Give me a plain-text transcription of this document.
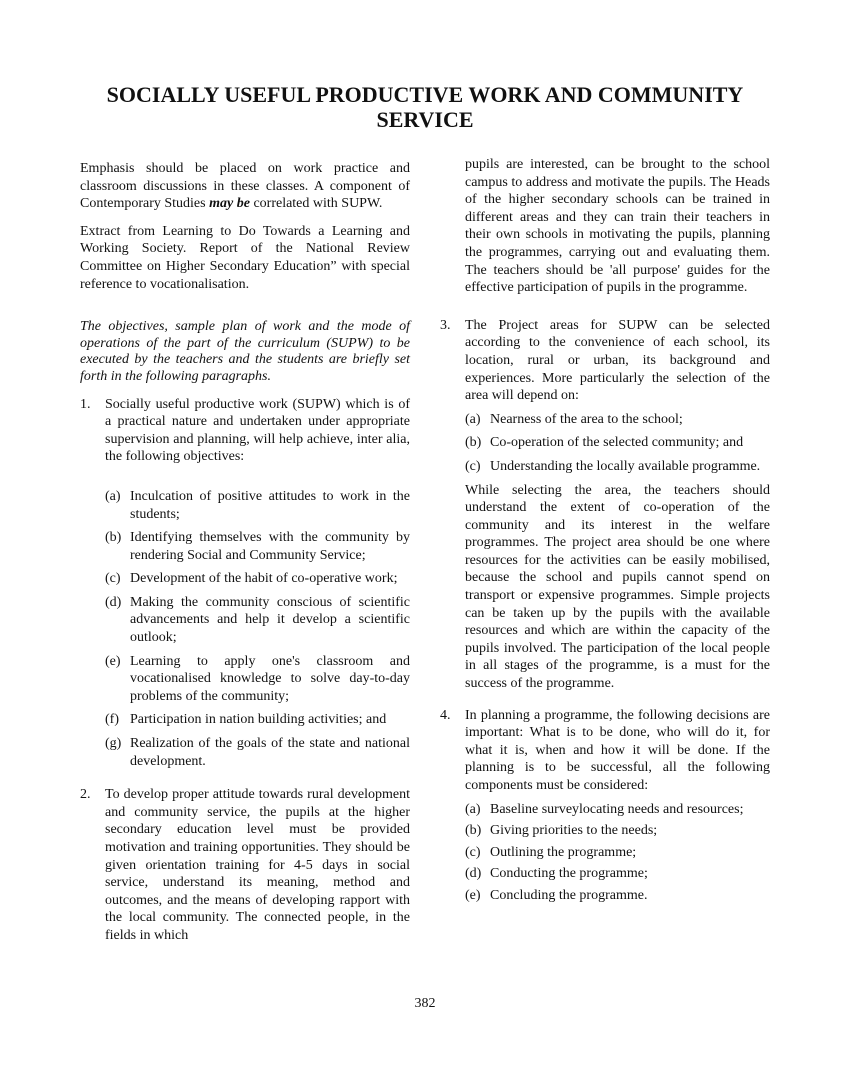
SOCIALLY USEFUL PRODUCTIVE WORK AND COMMUNITY SERVICE

Emphasis should be placed on work practice and classroom discussions in these classes. A component of Contemporary Studies may be correlated with SUPW.

Extract from Learning to Do Towards a Learning and Working Society. Report of the National Review Committee on Higher Secondary Education” with special reference to vocationalisation.

The objectives, sample plan of work and the mode of operations of the part of the curriculum (SUPW) to be executed by the teachers and the students are briefly set forth in the following paragraphs.

1. Socially useful productive work (SUPW) which is of a practical nature and undertaken under appropriate supervision and planning, will help achieve, inter alia, the following objectives:
(a) Inculcation of positive attitudes to work in the students;
(b) Identifying themselves with the community by rendering Social and Community Service;
(c) Development of the habit of co-operative work;
(d) Making the community conscious of scientific advancements and help it develop a scientific outlook;
(e) Learning to apply one's classroom and vocationalised knowledge to solve day-to-day problems of the community;
(f) Participation in nation building activities; and
(g) Realization of the goals of the state and national development.
2. To develop proper attitude towards rural development and community service, the pupils at the higher secondary education level must be provided motivation and training opportunities. They should be given orientation training for 4-5 days in social service, understand its meaning, method and outcomes, and the means of developing rapport with the local community. The connected people, in the fields in which

pupils are interested, can be brought to the school campus to address and motivate the pupils. The Heads of the higher secondary schools can be trained in different areas and they can train their teachers in their own schools in motivating the pupils, planning the programmes, carrying out and evaluating them. The teachers should be 'all purpose' guides for the effective participation of pupils in the programme.

3. The Project areas for SUPW can be selected according to the convenience of each school, its location, rural or urban, its background and experiences. More particularly the selection of the area will depend on:
(a) Nearness of the area to the school;
(b) Co-operation of the selected community; and
(c) Understanding the locally available programme.

While selecting the area, the teachers should understand the extent of co-operation of the community and its interest in the welfare programmes. The project area should be one where resources for the activities can be easily mobilised, because the school and pupils cannot spend on transport or expensive programmes. Simple projects can be taken up by the pupils with the available resources and which are within the capacity of the pupils involved. The participation of the local people in all stages of the programme, is a must for the success of the programme.

4. In planning a programme, the following decisions are important: What is to be done, who will do it, for what it is, when and how it will be done. If the planning is to be successful, all the following components must be considered:
(a) Baseline surveylocating needs and resources;
(b) Giving priorities to the needs;
(c) Outlining the programme;
(d) Conducting the programme;
(e) Concluding the programme.
382
